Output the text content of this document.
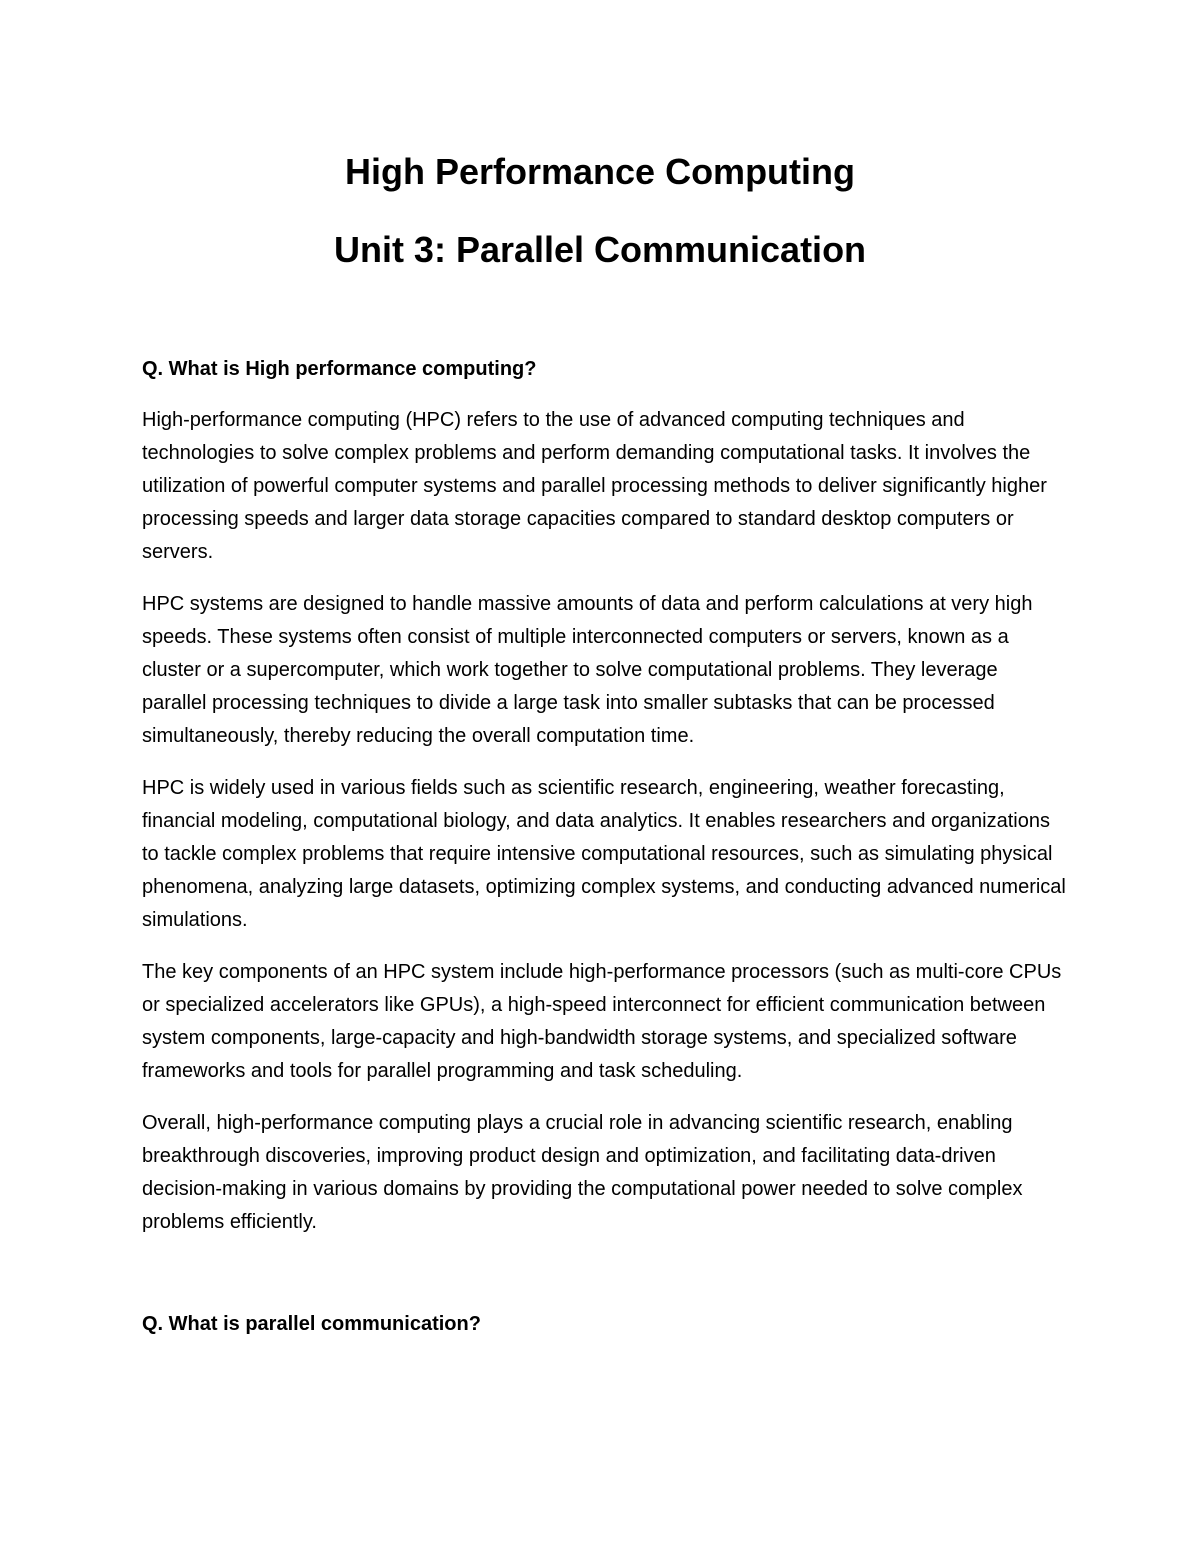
High Performance Computing
Unit 3: Parallel Communication

Q. What is High performance computing?

High-performance computing (HPC) refers to the use of advanced computing techniques and technologies to solve complex problems and perform demanding computational tasks. It involves the utilization of powerful computer systems and parallel processing methods to deliver significantly higher processing speeds and larger data storage capacities compared to standard desktop computers or servers.

HPC systems are designed to handle massive amounts of data and perform calculations at very high speeds. These systems often consist of multiple interconnected computers or servers, known as a cluster or a supercomputer, which work together to solve computational problems. They leverage parallel processing techniques to divide a large task into smaller subtasks that can be processed simultaneously, thereby reducing the overall computation time.

HPC is widely used in various fields such as scientific research, engineering, weather forecasting, financial modeling, computational biology, and data analytics. It enables researchers and organizations to tackle complex problems that require intensive computational resources, such as simulating physical phenomena, analyzing large datasets, optimizing complex systems, and conducting advanced numerical simulations.

The key components of an HPC system include high-performance processors (such as multi-core CPUs or specialized accelerators like GPUs), a high-speed interconnect for efficient communication between system components, large-capacity and high-bandwidth storage systems, and specialized software frameworks and tools for parallel programming and task scheduling.

Overall, high-performance computing plays a crucial role in advancing scientific research, enabling breakthrough discoveries, improving product design and optimization, and facilitating data-driven decision-making in various domains by providing the computational power needed to solve complex problems efficiently.

Q. What is parallel communication?
